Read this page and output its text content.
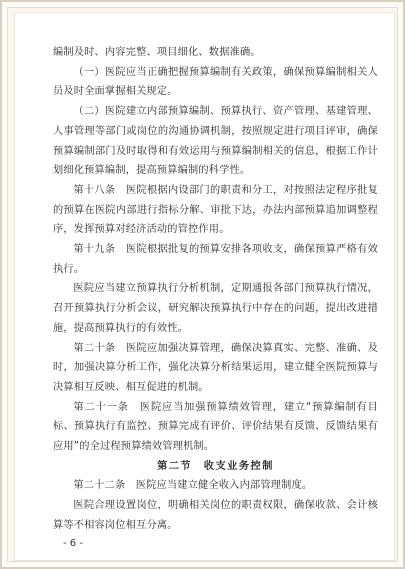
编制及时、内容完整、项目细化、数据准确。

（一）医院应当正确把握预算编制有关政策，确保预算编制相关人员及时全面掌握相关规定。

（二）医院建立内部预算编制、预算执行、资产管理、基建管理、人事管理等部门或岗位的沟通协调机制，按照规定进行项目评审，确保预算编制部门及时取得和有效运用与预算编制相关的信息，根据工作计划细化预算编制，提高预算编制的科学性。

第十八条　医院根据内设部门的职责和分工，对按照法定程序批复的预算在医院内部进行指标分解、审批下达，办法内部预算追加调整程序，发挥预算对经济活动的管控作用。

第十九条　医院根据批复的预算安排各项收支，确保预算严格有效执行。

医院应当建立预算执行分析机制，定期通报各部门预算执行情况，召开预算执行分析会议，研究解决预算执行中存在的问题，提出改进措施，提高预算执行的有效性。

第二十条　医院应加强决算管理，确保决算真实、完整、准确、及时，加强决算分析工作，强化决算分析结果运用，建立健全医院预算与决算相互反映、相互促进的机制。

第二十一条　医院应当加强预算绩效管理，建立“预算编制有目标、预算执行有监控、预算完成有评价、评价结果有反馈、反馈结果有应用”的全过程预算绩效管理机制。

第二节　收支业务控制

第二十二条　医院应当建立健全收入内部管理制度。

医院合理设置岗位，明确相关岗位的职责权限，确保收款、会计核算等不相容岗位相互分离。

- 6 -
